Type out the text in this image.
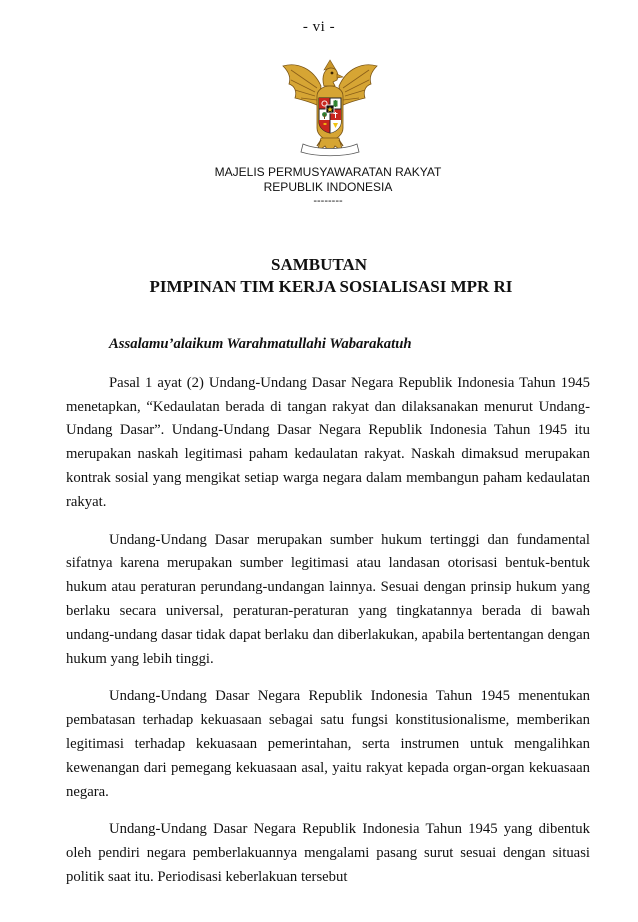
- vi -
MAJELIS PERMUSYAWARATAN RAKYAT
REPUBLIK INDONESIA
--------
SAMBUTAN
PIMPINAN TIM KERJA SOSIALISASI MPR RI

Assalamu’alaikum Warahmatullahi Wabarakatuh

Pasal 1 ayat (2) Undang-Undang Dasar Negara Republik Indonesia Tahun 1945 menetapkan, “Kedaulatan berada di tangan rakyat dan dilaksanakan menurut Undang-Undang Dasar”. Undang-Undang Dasar Negara Republik Indonesia Tahun 1945 itu merupakan naskah legitimasi paham kedaulatan rakyat. Naskah dimaksud merupakan kontrak sosial yang mengikat setiap warga negara dalam membangun paham kedaulatan rakyat.

Undang-Undang Dasar merupakan sumber hukum tertinggi dan fundamental sifatnya karena merupakan sumber legitimasi atau landasan otorisasi bentuk-bentuk hukum atau peraturan perundang-undangan lainnya. Sesuai dengan prinsip hukum yang berlaku secara universal, peraturan-peraturan yang tingkatannya berada di bawah undang-undang dasar tidak dapat berlaku dan diberlakukan, apabila bertentangan dengan hukum yang lebih tinggi.

Undang-Undang Dasar Negara Republik Indonesia Tahun 1945 menentukan pembatasan terhadap kekuasaan sebagai satu fungsi konstitusionalisme, memberikan legitimasi terhadap kekuasaan pemerintahan, serta instrumen untuk mengalihkan kewenangan dari pemegang kekuasaan asal, yaitu rakyat kepada organ-organ kekuasaan negara.

Undang-Undang Dasar Negara Republik Indonesia Tahun 1945 yang dibentuk oleh pendiri negara pemberlakuannya mengalami pasang surut sesuai dengan situasi politik saat itu. Periodisasi keberlakuan tersebut
